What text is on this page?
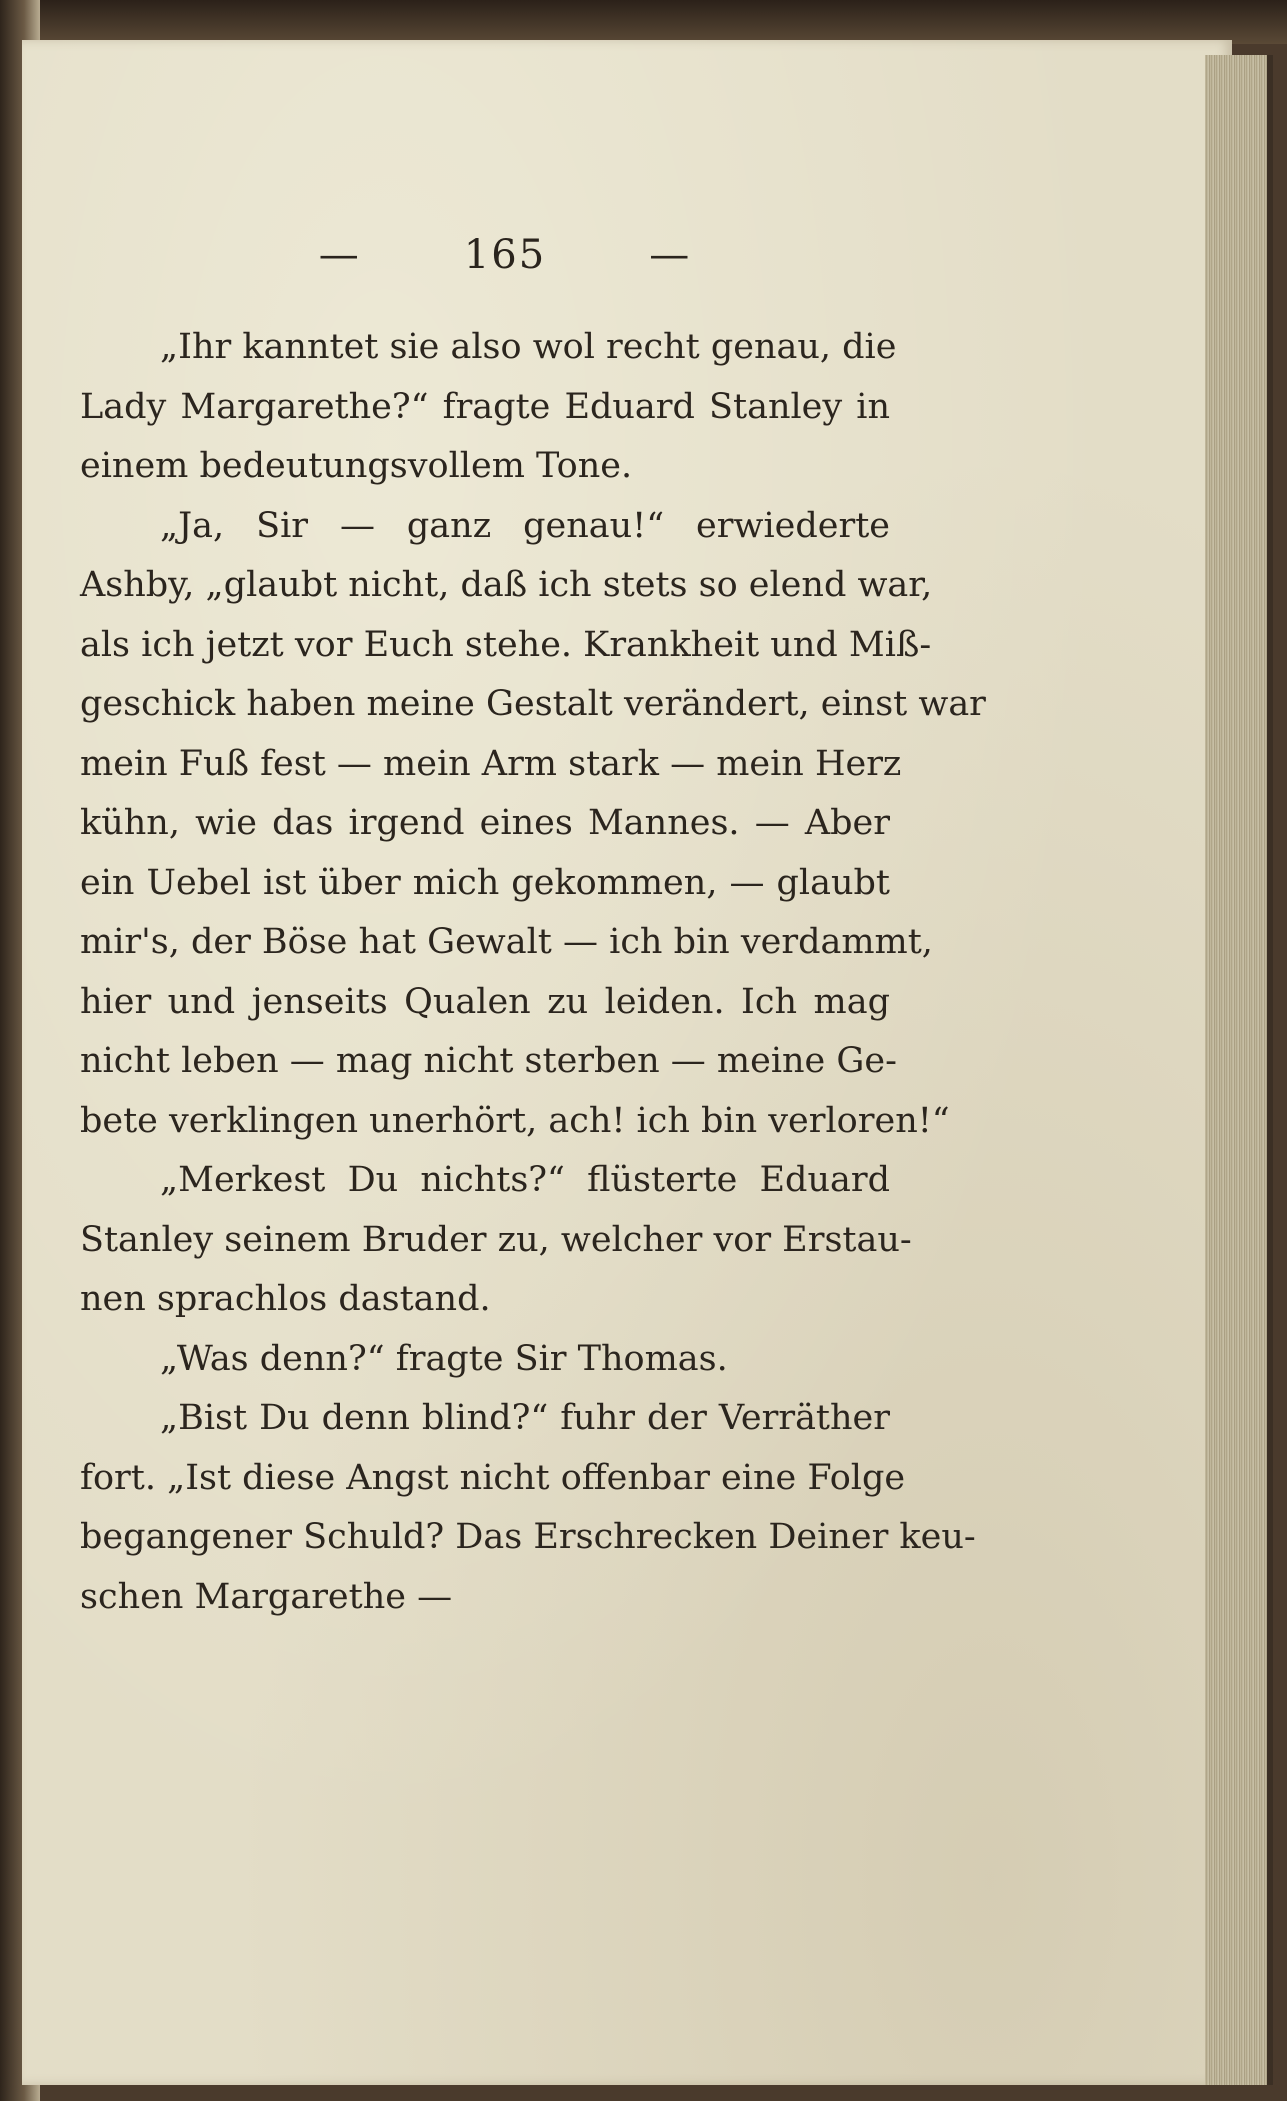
—	165	—
„Ihr kanntet sie also wol recht genau, die
Lady Margarethe?“ fragte Eduard Stanley in
einem bedeutungsvollem Tone.
„Ja, Sir — ganz genau!“ erwiederte
Ashby, „glaubt nicht, daß ich stets so elend war,
als ich jetzt vor Euch stehe. Krankheit und Miß-
geschick haben meine Gestalt verändert, einst war
mein Fuß fest — mein Arm stark — mein Herz
kühn, wie das irgend eines Mannes. — Aber
ein Uebel ist über mich gekommen, — glaubt
mir's, der Böse hat Gewalt — ich bin verdammt,
hier und jenseits Qualen zu leiden. Ich mag
nicht leben — mag nicht sterben — meine Ge-
bete verklingen unerhört, ach! ich bin verloren!“
„Merkest Du nichts?“ flüsterte Eduard
Stanley seinem Bruder zu, welcher vor Erstau-
nen sprachlos dastand.
„Was denn?“ fragte Sir Thomas.
„Bist Du denn blind?“ fuhr der Verräther
fort. „Ist diese Angst nicht offenbar eine Folge
begangener Schuld? Das Erschrecken Deiner keu-
schen Margarethe —
